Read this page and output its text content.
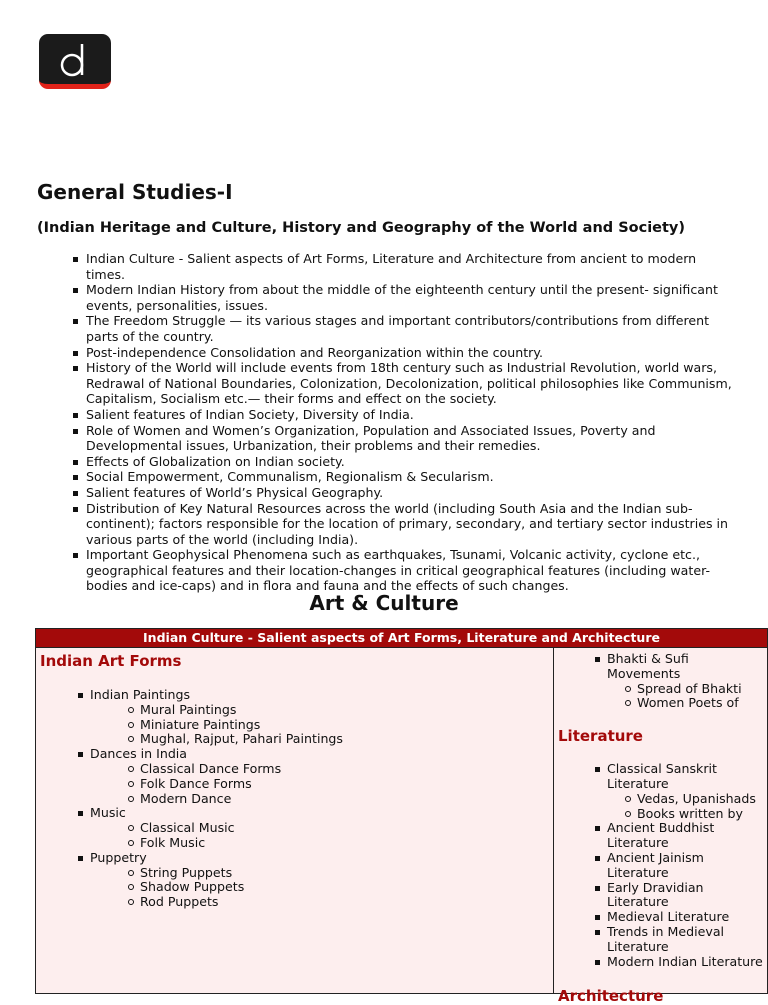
General Studies-I
(Indian Heritage and Culture, History and Geography of the World and Society)
Indian Culture - Salient aspects of Art Forms, Literature and Architecture from ancient to modern times.
Modern Indian History from about the middle of the eighteenth century until the present- significant events, personalities, issues.
The Freedom Struggle — its various stages and important contributors/contributions from different parts of the country.
Post-independence Consolidation and Reorganization within the country.
History of the World will include events from 18th century such as Industrial Revolution, world wars, Redrawal of National Boundaries, Colonization, Decolonization, political philosophies like Communism, Capitalism, Socialism etc.— their forms and effect on the society.
Salient features of Indian Society, Diversity of India.
Role of Women and Women’s Organization, Population and Associated Issues, Poverty and Developmental issues, Urbanization, their problems and their remedies.
Effects of Globalization on Indian society.
Social Empowerment, Communalism, Regionalism & Secularism.
Salient features of World’s Physical Geography.
Distribution of Key Natural Resources across the world (including South Asia and the Indian sub-continent); factors responsible for the location of primary, secondary, and tertiary sector industries in various parts of the world (including India).
Important Geophysical Phenomena such as earthquakes, Tsunami, Volcanic activity, cyclone etc., geographical features and their location-changes in critical geographical features (including water-bodies and ice-caps) and in flora and fauna and the effects of such changes.
Art & Culture
Indian Culture - Salient aspects of Art Forms, Literature and Architecture

Indian Art Forms

Indian Paintings
Mural Paintings
Miniature Paintings
Mughal, Rajput, Pahari Paintings
Dances in India
Classical Dance Forms
Folk Dance Forms
Modern Dance
Music
Classical Music
Folk Music
Puppetry
String Puppets
Shadow Puppets
Rod Puppets
Bhakti & Sufi Movements
Spread of Bhakti
Women Poets of

Literature

Classical Sanskrit Literature
Vedas, Upanishads
Books written by
Ancient Buddhist Literature
Ancient Jainism Literature
Early Dravidian Literature
Medieval Literature
Trends in Medieval Literature
Modern Indian Literature

Architecture
